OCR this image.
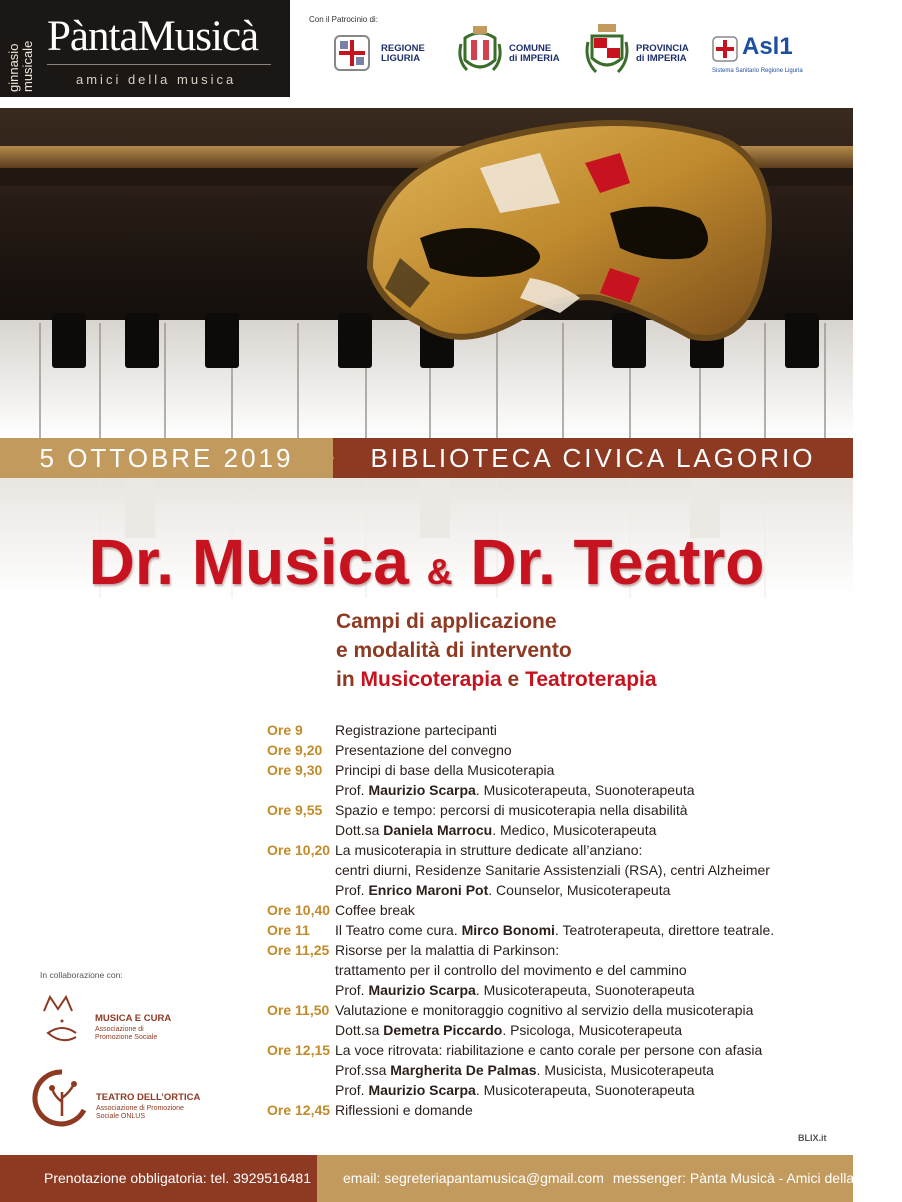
ginnasio musicale
PàntaMusicà
amici della musica
Con il Patrocinio di:
REGIONE
LIGURIA
COMUNE
di IMPERIA
PROVINCIA
di IMPERIA Asl1
Sistema Sanitario Regione Liguria
5 OTTOBRE 2019	BIBLIOTECA CIVICA LAGORIO
Dr. Musica & Dr. Teatro
Campi di applicazione
e modalità di intervento
in Musicoterapia e Teatroterapia
Ore 9	Registrazione partecipanti
Ore 9,20 Presentazione del convegno
Ore 9,30 Principi di base della Musicoterapia
Prof. Maurizio Scarpa. Musicoterapeuta, Suonoterapeuta
Ore 9,55 Spazio e tempo: percorsi di musicoterapia nella disabilità
Dott.sa Daniela Marrocu. Medico, Musicoterapeuta
Ore 10,20 La musicoterapia in strutture dedicate all’anziano:
centri diurni, Residenze Sanitarie Assistenziali (RSA), centri Alzheimer
Prof. Enrico Maroni Pot. Counselor, Musicoterapeuta
Ore 10,40 Coffee break
Ore 11	Il Teatro come cura. Mirco Bonomi. Teatroterapeuta, direttore teatrale.
Ore 11,25 Risorse per la malattia di Parkinson:
trattamento per il controllo del movimento e del cammino
Prof. Maurizio Scarpa. Musicoterapeuta, Suonoterapeuta
Ore 11,50 Valutazione e monitoraggio cognitivo al servizio della musicoterapia
Dott.sa Demetra Piccardo. Psicologa, Musicoterapeuta
Ore 12,15 La voce ritrovata: riabilitazione e canto corale per persone con afasia
Prof.ssa Margherita De Palmas. Musicista, Musicoterapeuta
Prof. Maurizio Scarpa. Musicoterapeuta, Suonoterapeuta
Ore 12,45 Riflessioni e domande
In collaborazione con:
MUSICA E CURA
Associazione di
Promozione Sociale
TEATRO DELL’ORTICA
Associazione di Promozione
Sociale ONLUS
BLIX.it
Prenotazione obbligatoria: tel. 3929516481	email: segreteriapantamusica@gmail.com messenger: Pànta Musicà - Amici della Musica
